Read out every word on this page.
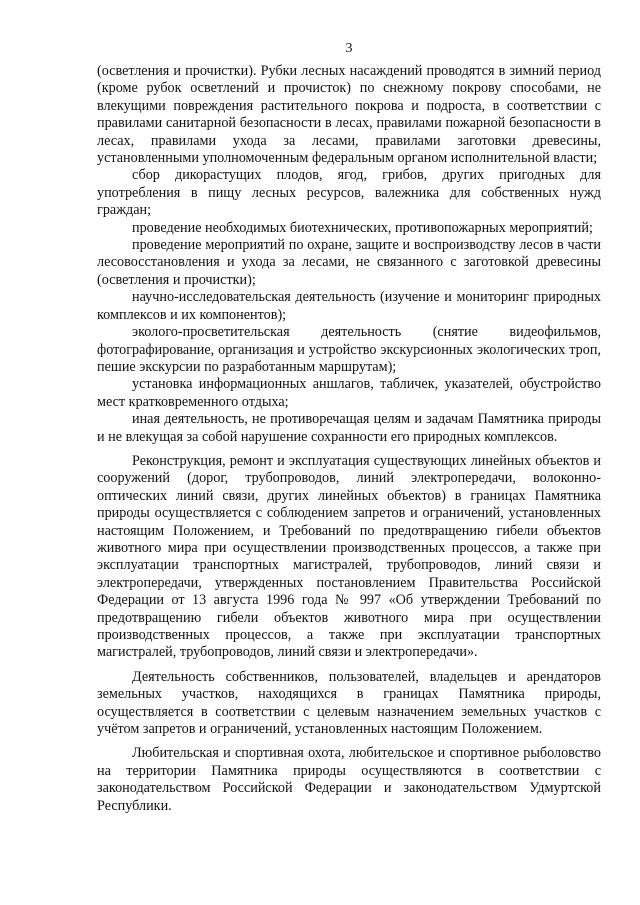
3

(осветления и прочистки). Рубки лесных насаждений проводятся в зимний период (кроме рубок осветлений и прочисток) по снежному покрову способами, не влекущими повреждения растительного покрова и подроста, в соответствии с правилами санитарной безопасности в лесах, правилами пожарной безопасности в лесах, правилами ухода за лесами, правилами заготовки древесины, установленными уполномоченным федеральным органом исполнительной власти;

сбор дикорастущих плодов, ягод, грибов, других пригодных для употребления в пищу лесных ресурсов, валежника для собственных нужд граждан;

проведение необходимых биотехнических, противопожарных мероприятий;

проведение мероприятий по охране, защите и воспроизводству лесов в части лесовосстановления и ухода за лесами, не связанного с заготовкой древесины (осветления и прочистки);

научно-исследовательская деятельность (изучение и мониторинг природных комплексов и их компонентов);

эколого-просветительская деятельность (снятие видеофильмов, фотографирование, организация и устройство экскурсионных экологических троп, пешие экскурсии по разработанным маршрутам);

установка информационных аншлагов, табличек, указателей, обустройство мест кратковременного отдыха;

иная деятельность, не противоречащая целям и задачам Памятника природы и не влекущая за собой нарушение сохранности его природных комплексов.

Реконструкция, ремонт и эксплуатация существующих линейных объектов и сооружений (дорог, трубопроводов, линий электропередачи, волоконно-оптических линий связи, других линейных объектов) в границах Памятника природы осуществляется с соблюдением запретов и ограничений, установленных настоящим Положением, и Требований по предотвращению гибели объектов животного мира при осуществлении производственных процессов, а также при эксплуатации транспортных магистралей, трубопроводов, линий связи и электропередачи, утвержденных постановлением Правительства Российской Федерации от 13 августа 1996 года № 997 «Об утверждении Требований по предотвращению гибели объектов животного мира при осуществлении производственных процессов, а также при эксплуатации транспортных магистралей, трубопроводов, линий связи и электропередачи».

Деятельность собственников, пользователей, владельцев и арендаторов земельных участков, находящихся в границах Памятника природы, осуществляется в соответствии с целевым назначением земельных участков с учётом запретов и ограничений, установленных настоящим Положением.

Любительская и спортивная охота, любительское и спортивное рыболовство на территории Памятника природы осуществляются в соответствии с законодательством Российской Федерации и законодательством Удмуртской Республики.
